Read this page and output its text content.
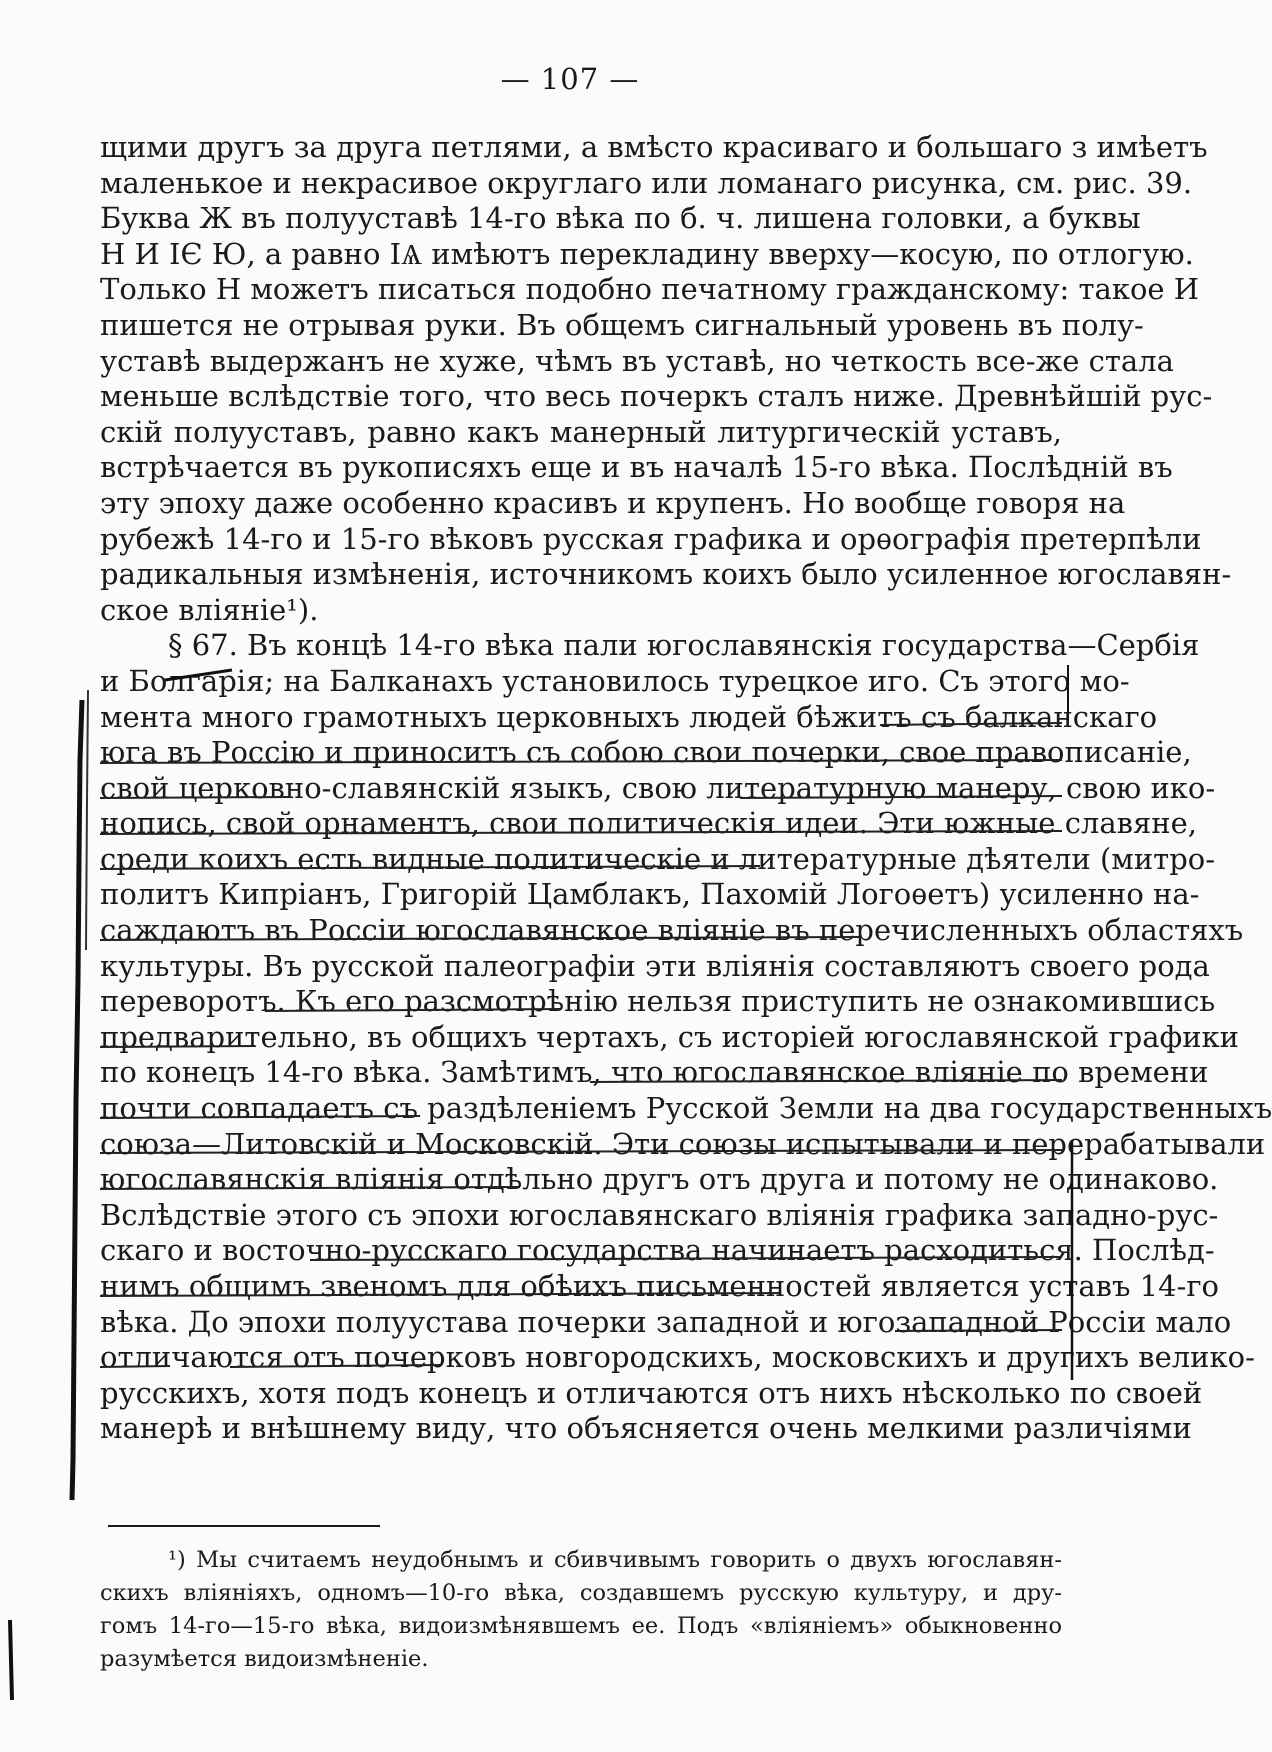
— 107 —
щими другъ за друга петлями, а вмѣсто красиваго и большаго з имѣетъ
маленькое и некрасивое округлаго или ломанаго рисунка, см. рис. 39.
Буква Ж въ полууставѣ 14-го вѣка по б. ч. лишена головки, а буквы
Н И ІЄ Ю, а равно ІѦ имѣютъ перекладину вверху—косую, по отлогую.
Только Н можетъ писаться подобно печатному гражданскому: такое И
пишется не отрывая руки. Въ общемъ сигнальный уровень въ полу-
уставѣ выдержанъ не хуже, чѣмъ въ уставѣ, но четкость все-же стала
меньше вслѣдствіе того, что весь почеркъ сталъ ниже. Древнѣйшій рус-
скій полууставъ, равно какъ манерный литургическій уставъ,
встрѣчается въ рукописяхъ еще и въ началѣ 15-го вѣка. Послѣдній въ
эту эпоху даже особенно красивъ и крупенъ. Но вообще говоря на
рубежѣ 14-го и 15-го вѣковъ русская графика и орѳографія претерпѣли
радикальныя измѣненія, источникомъ коихъ было усиленное югославян-
ское вліяніе¹).
§ 67. Въ концѣ 14-го вѣка пали югославянскія государства—Сербія
и Болгарія; на Балканахъ установилось турецкое иго. Съ этого мо-
мента много грамотныхъ церковныхъ людей бѣжитъ съ балканскаго
юга въ Россію и приноситъ съ собою свои почерки, свое правописаніе,
свой церковно-славянскій языкъ, свою литературную манеру, свою ико-
нопись, свой орнаментъ, свои политическія идеи. Эти южные славяне,
среди коихъ есть видные политическіе и литературные дѣятели (митро-
политъ Кипріанъ, Григорій Цамблакъ, Пахомій Логоѳетъ) усиленно на-
саждаютъ въ Россіи югославянское вліяніе въ перечисленныхъ областяхъ
культуры. Въ русской палеографіи эти вліянія составляютъ своего рода
переворотъ. Къ его разсмотрѣнію нельзя приступить не ознакомившись
предварительно, въ общихъ чертахъ, съ исторіей югославянской графики
по конецъ 14-го вѣка. Замѣтимъ, что югославянское вліяніе по времени
почти совпадаетъ съ раздѣленіемъ Русской Земли на два государственныхъ
союза—Литовскій и Московскій. Эти союзы испытывали и перерабатывали
югославянскія вліянія отдѣльно другъ отъ друга и потому не одинаково.
Вслѣдствіе этого съ эпохи югославянскаго вліянія графика западно-рус-
скаго и восточно-русскаго государства начинаетъ расходиться. Послѣд-
нимъ общимъ звеномъ для обѣихъ письменностей является уставъ 14-го
вѣка. До эпохи полуустава почерки западной и югозападной Россіи мало
отличаются отъ почерковъ новгородскихъ, московскихъ и другихъ велико-
русскихъ, хотя подъ конецъ и отличаются отъ нихъ нѣсколько по своей
манерѣ и внѣшнему виду, что объясняется очень мелкими различіями
¹) Мы считаемъ неудобнымъ и сбивчивымъ говорить о двухъ югославян-
скихъ вліяніяхъ, одномъ—10-го вѣка, создавшемъ русскую культуру, и дру-
гомъ 14-го—15-го вѣка, видоизмѣнявшемъ ее. Подъ «вліяніемъ» обыкновенно
разумѣется видоизмѣненіе.
